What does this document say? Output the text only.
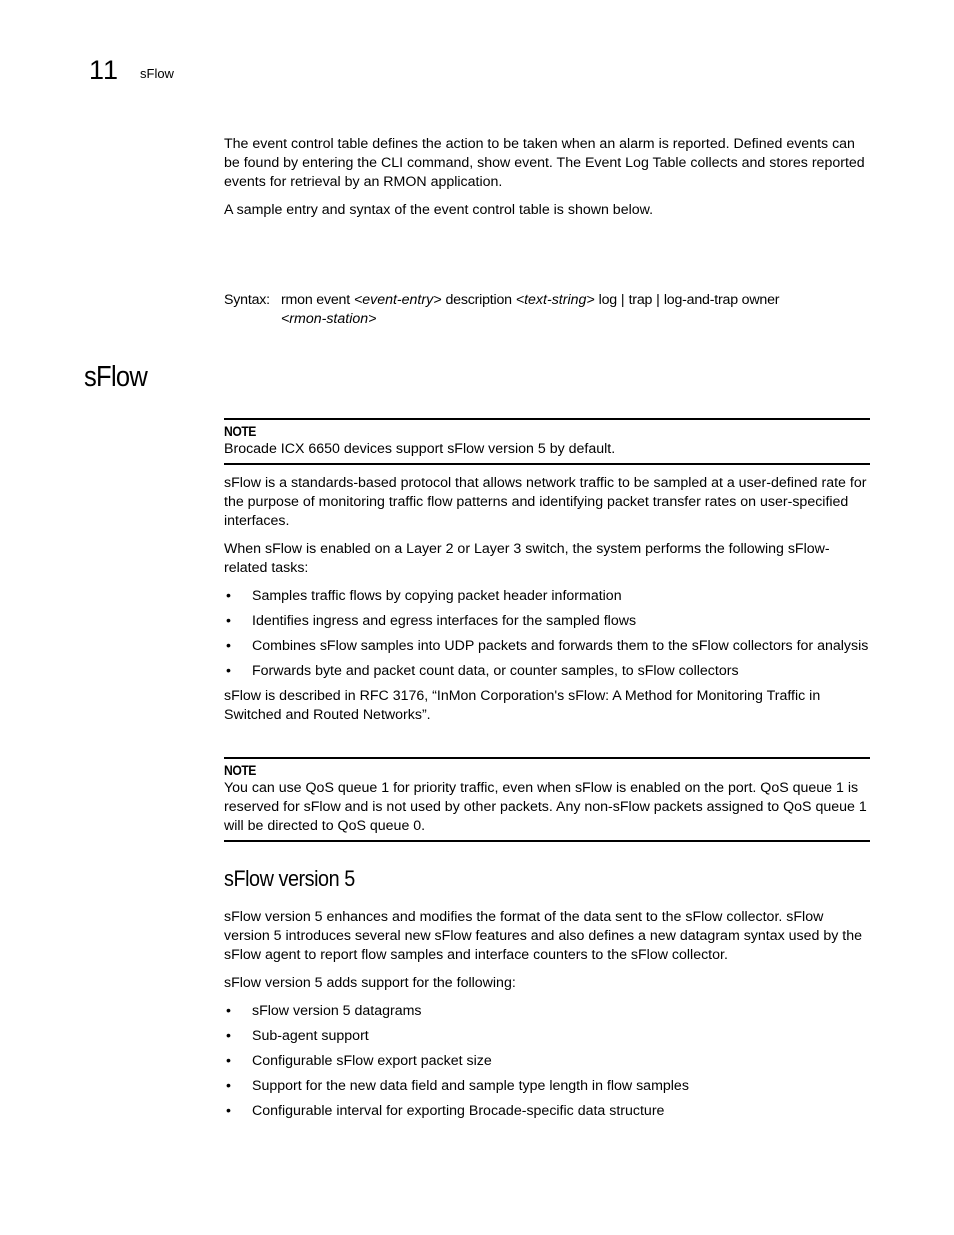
11 sFlow

The event control table defines the action to be taken when an alarm is reported. Defined events can be found by entering the CLI command, show event. The Event Log Table collects and stores reported events for retrieval by an RMON application.

A sample entry and syntax of the event control table is shown below.

Syntax: rmon event <event-entry> description <text-string> log | trap | log-and-trap owner
<rmon-station>
sFlow
NOTE

Brocade ICX 6650 devices support sFlow version 5 by default.

sFlow is a standards-based protocol that allows network traffic to be sampled at a user-defined rate for the purpose of monitoring traffic flow patterns and identifying packet transfer rates on user-specified interfaces.

When sFlow is enabled on a Layer 2 or Layer 3 switch, the system performs the following sFlow-related tasks:

• Samples traffic flows by copying packet header information
• Identifies ingress and egress interfaces for the sampled flows
• Combines sFlow samples into UDP packets and forwards them to the sFlow collectors for analysis
• Forwards byte and packet count data, or counter samples, to sFlow collectors

sFlow is described in RFC 3176, “InMon Corporation's sFlow: A Method for Monitoring Traffic in Switched and Routed Networks”.

NOTE

You can use QoS queue 1 for priority traffic, even when sFlow is enabled on the port. QoS queue 1 is reserved for sFlow and is not used by other packets. Any non-sFlow packets assigned to QoS queue 1 will be directed to QoS queue 0.

sFlow version 5

sFlow version 5 enhances and modifies the format of the data sent to the sFlow collector. sFlow version 5 introduces several new sFlow features and also defines a new datagram syntax used by the sFlow agent to report flow samples and interface counters to the sFlow collector.

sFlow version 5 adds support for the following:

• sFlow version 5 datagrams
• Sub-agent support
• Configurable sFlow export packet size
• Support for the new data field and sample type length in flow samples
• Configurable interval for exporting Brocade-specific data structure
